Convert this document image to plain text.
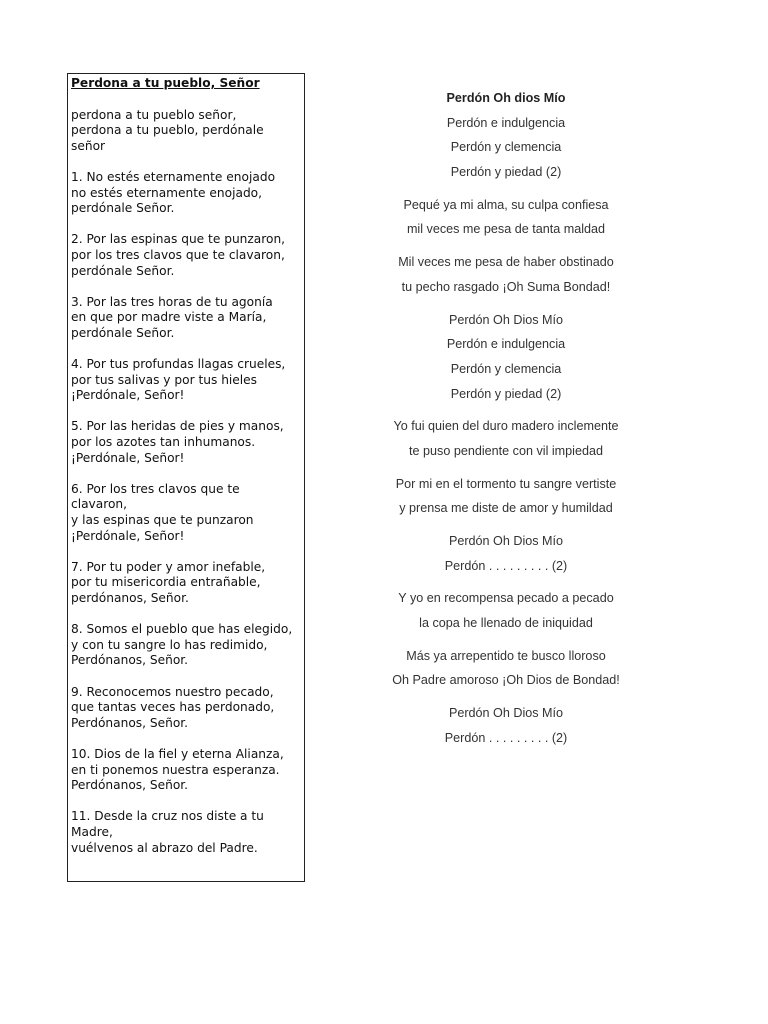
Perdona a tu pueblo, Señor
perdona a tu pueblo señor,
perdona a tu pueblo, perdónale
señor
1. No estés eternamente enojado
no estés eternamente enojado,
perdónale Señor.
2. Por las espinas que te punzaron,
por los tres clavos que te clavaron,
perdónale Señor.
3. Por las tres horas de tu agonía
en que por madre viste a María,
perdónale Señor.
4. Por tus profundas llagas crueles,
por tus salivas y por tus hieles
¡Perdónale, Señor!
5. Por las heridas de pies y manos,
por los azotes tan inhumanos.
¡Perdónale, Señor!
6. Por los tres clavos que te
clavaron,
y las espinas que te punzaron
¡Perdónale, Señor!
7. Por tu poder y amor inefable,
por tu misericordia entrañable,
perdónanos, Señor.
8. Somos el pueblo que has elegido,
y con tu sangre lo has redimido,
Perdónanos, Señor.
9. Reconocemos nuestro pecado,
que tantas veces has perdonado,
Perdónanos, Señor.
10. Dios de la fiel y eterna Alianza,
en ti ponemos nuestra esperanza.
Perdónanos, Señor.
11. Desde la cruz nos diste a tu
Madre,
vuélvenos al abrazo del Padre.
Perdón Oh dios Mío
Perdón e indulgencia
Perdón y clemencia
Perdón y piedad (2)
Pequé ya mi alma, su culpa confiesa
mil veces me pesa de tanta maldad
Mil veces me pesa de haber obstinado
tu pecho rasgado ¡Oh Suma Bondad!
Perdón Oh Dios Mío
Perdón e indulgencia
Perdón y clemencia
Perdón y piedad (2)
Yo fui quien del duro madero inclemente
te puso pendiente con vil impiedad
Por mi en el tormento tu sangre vertiste
y prensa me diste de amor y humildad
Perdón Oh Dios Mío
Perdón . . . . . . . . . (2)
Y yo en recompensa pecado a pecado
la copa he llenado de iniquidad
Más ya arrepentido te busco lloroso
Oh Padre amoroso ¡Oh Dios de Bondad!
Perdón Oh Dios Mío
Perdón . . . . . . . . . (2)
